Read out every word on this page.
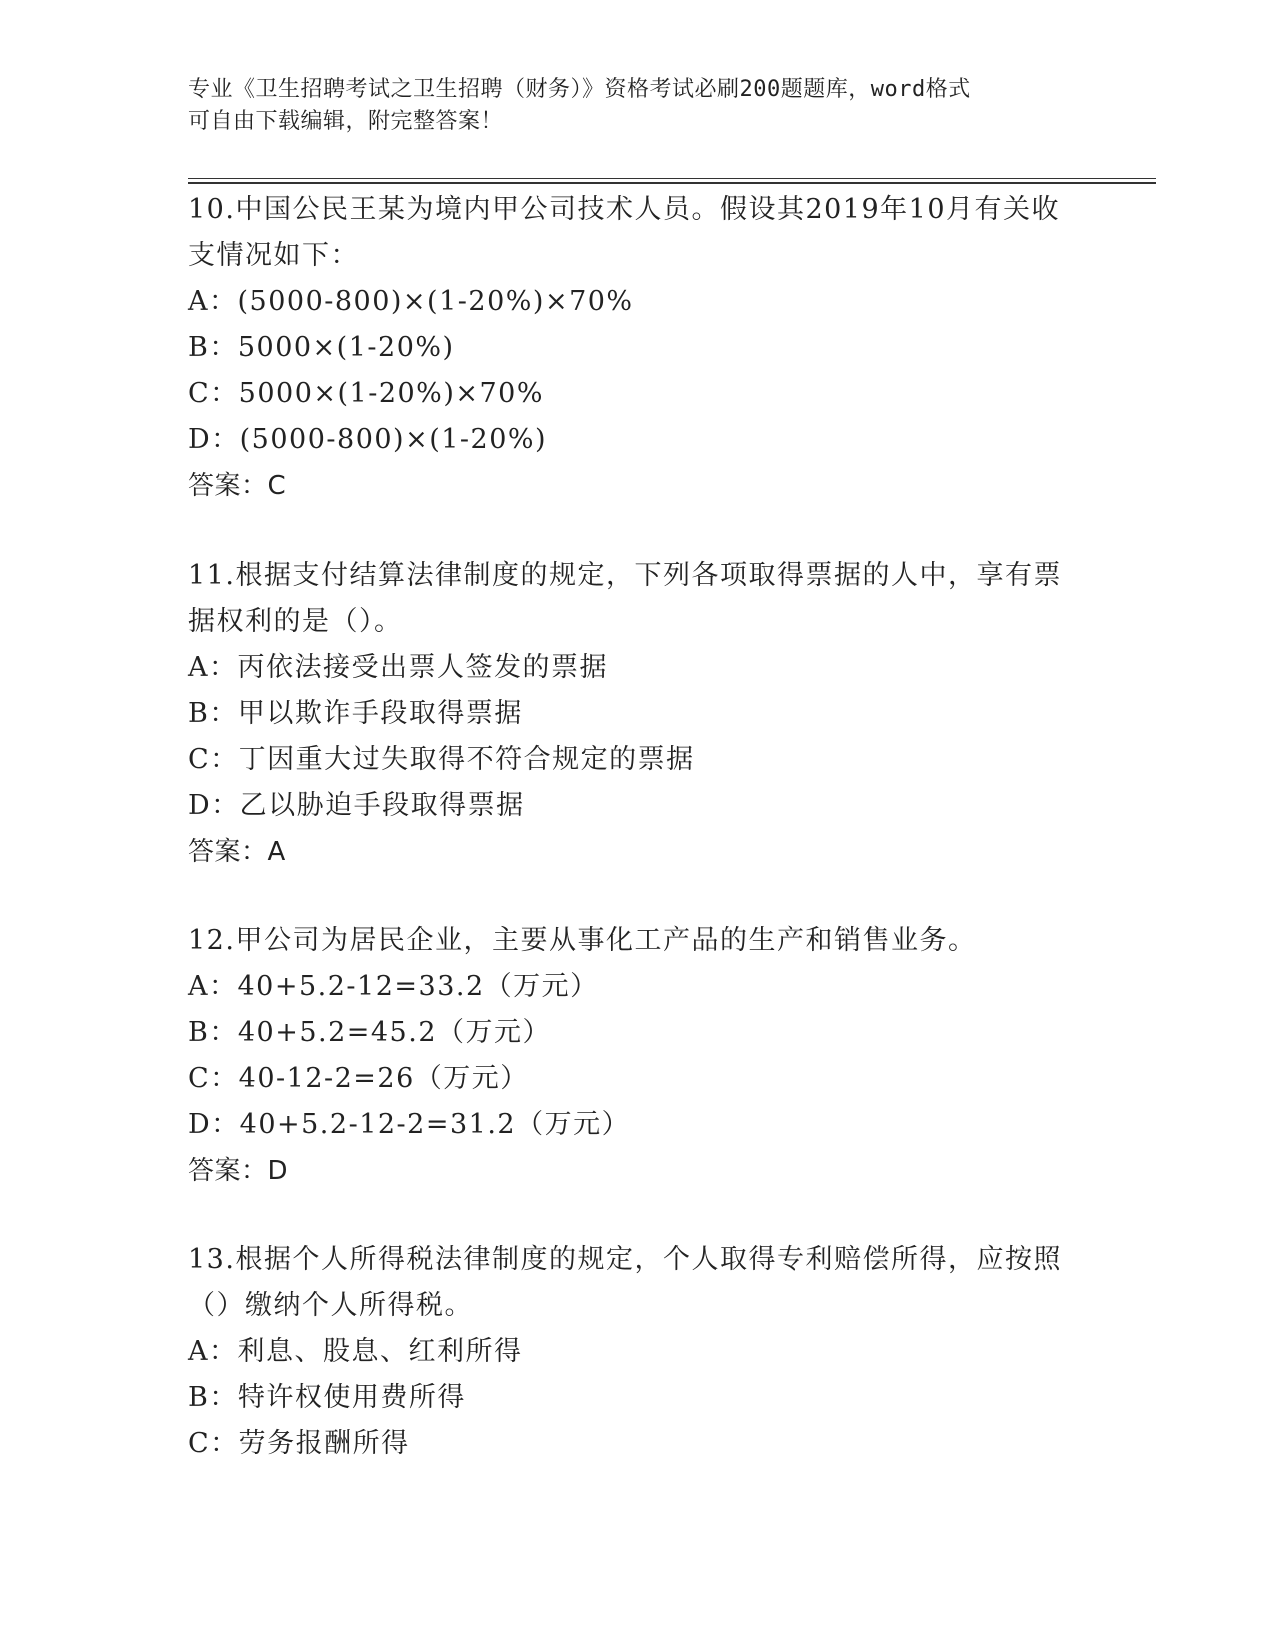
专业《卫生招聘考试之卫生招聘（财务）》资格考试必刷200题题库，word格式
可自由下载编辑，附完整答案！
10.中国公民王某为境内甲公司技术人员。假设其2019年10月有关收
支情况如下：
A：(5000-800)×(1-20%)×70%
B：5000×(1-20%)
C：5000×(1-20%)×70%
D：(5000-800)×(1-20%)
答案：C
11.根据支付结算法律制度的规定，下列各项取得票据的人中，享有票
据权利的是（）。
A：丙依法接受出票人签发的票据
B：甲以欺诈手段取得票据
C：丁因重大过失取得不符合规定的票据
D：乙以胁迫手段取得票据
答案：A
12.甲公司为居民企业，主要从事化工产品的生产和销售业务。
A：40+5.2-12=33.2（万元）
B：40+5.2=45.2（万元）
C：40-12-2=26（万元）
D：40+5.2-12-2=31.2（万元）
答案：D
13.根据个人所得税法律制度的规定，个人取得专利赔偿所得，应按照
（）缴纳个人所得税。
A：利息、股息、红利所得
B：特许权使用费所得
C：劳务报酬所得
